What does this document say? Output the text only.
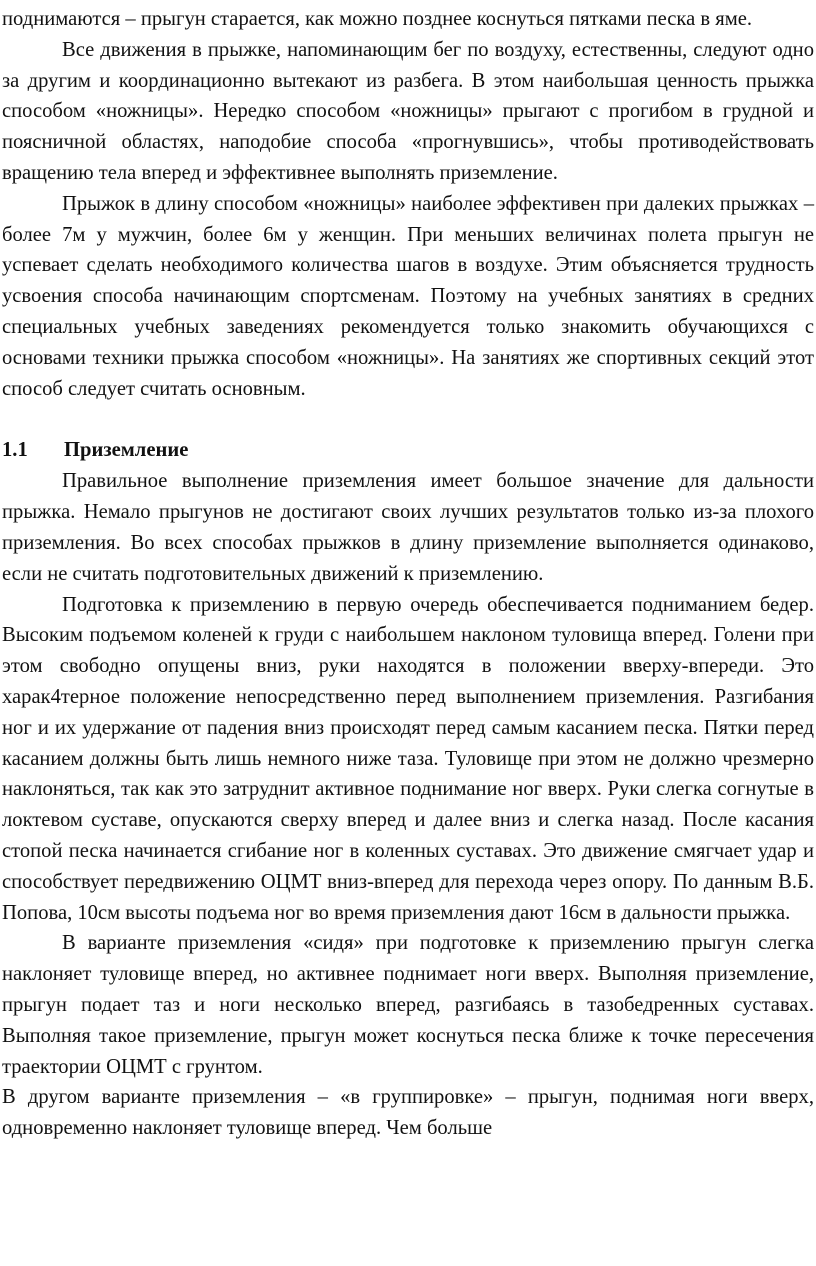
поднимаются – прыгун старается, как можно позднее коснуться пятками песка в яме.

Все движения в прыжке, напоминающим бег по воздуху, естественны, следуют одно за другим и координационно вытекают из разбега. В этом наибольшая ценность прыжка способом «ножницы». Нередко способом «ножницы» прыгают с прогибом в грудной и поясничной областях, наподобие способа «прогнувшись», чтобы противодействовать вращению тела вперед и эффективнее выполнять приземление.

Прыжок в длину способом «ножницы» наиболее эффективен при далеких прыжках – более 7м у мужчин, более 6м у женщин. При меньших величинах полета прыгун не успевает сделать необходимого количества шагов в воздухе. Этим объясняется трудность усвоения способа начинающим спортсменам. Поэтому на учебных занятиях в средних специальных учебных заведениях рекомендуется только знакомить обучающихся с основами техники прыжка способом «ножницы». На занятиях же спортивных секций этот способ следует считать основным.

1.1	Приземление

Правильное выполнение приземления имеет большое значение для дальности прыжка. Немало прыгунов не достигают своих лучших результатов только из-за плохого приземления. Во всех способах прыжков в длину приземление выполняется одинаково, если не считать подготовительных движений к приземлению.

Подготовка к приземлению в первую очередь обеспечивается подниманием бедер. Высоким подъемом коленей к груди с наибольшем наклоном туловища вперед. Голени при этом свободно опущены вниз, руки находятся в положении вверху-впереди. Это харак4терное положение непосредственно перед выполнением приземления. Разгибания ног и их удержание от падения вниз происходят перед самым касанием песка. Пятки перед касанием должны быть лишь немного ниже таза. Туловище при этом не должно чрезмерно наклоняться, так как это затруднит активное поднимание ног вверх. Руки слегка согнутые в локтевом суставе, опускаются сверху вперед и далее вниз и слегка назад. После касания стопой песка начинается сгибание ног в коленных суставах. Это движение смягчает удар и способствует передвижению ОЦМТ вниз-вперед для перехода через опору. По данным В.Б. Попова, 10см высоты подъема ног во время приземления дают 16см в дальности прыжка.

В варианте приземления «сидя» при подготовке к приземлению прыгун слегка наклоняет туловище вперед, но активнее поднимает ноги вверх. Выполняя приземление, прыгун подает таз и ноги несколько вперед, разгибаясь в тазобедренных суставах. Выполняя такое приземление, прыгун может коснуться песка ближе к точке пересечения траектории ОЦМТ с грунтом.

В другом варианте приземления – «в группировке» – прыгун, поднимая ноги вверх, одновременно наклоняет туловище вперед. Чем больше
